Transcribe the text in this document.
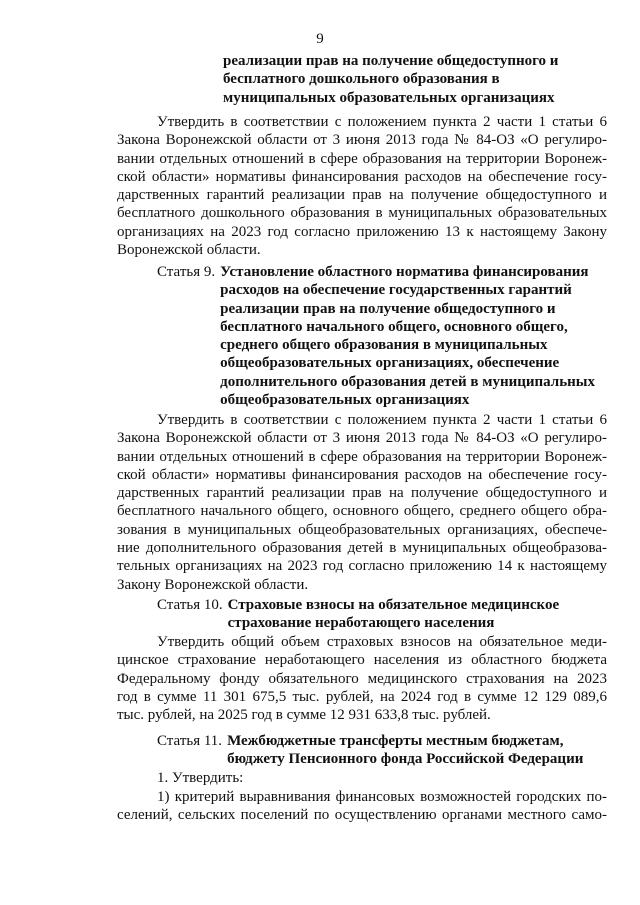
9
реализации прав на получение общедоступного и
бесплатного дошкольного образования в
муниципальных образовательных организациях
Утвердить в соответствии с положением пункта 2 части 1 статьи 6
Закона Воронежской области от 3 июня 2013 года № 84-ОЗ «О регулиро-
вании отдельных отношений в сфере образования на территории Воронеж-
ской области» нормативы финансирования расходов на обеспечение госу-
дарственных гарантий реализации прав на получение общедоступного и
бесплатного дошкольного образования в муниципальных образовательных
организациях на 2023 год согласно приложению 13 к настоящему Закону
Воронежской области.
Статья 9. Установление областного норматива финансирования
расходов на обеспечение государственных гарантий
реализации прав на получение общедоступного и
бесплатного начального общего, основного общего,
среднего общего образования в муниципальных
общеобразовательных организациях, обеспечение
дополнительного образования детей в муниципальных
общеобразовательных организациях
Утвердить в соответствии с положением пункта 2 части 1 статьи 6
Закона Воронежской области от 3 июня 2013 года № 84-ОЗ «О регулиро-
вании отдельных отношений в сфере образования на территории Воронеж-
ской области» нормативы финансирования расходов на обеспечение госу-
дарственных гарантий реализации прав на получение общедоступного и
бесплатного начального общего, основного общего, среднего общего обра-
зования в муниципальных общеобразовательных организациях, обеспече-
ние дополнительного образования детей в муниципальных общеобразова-
тельных организациях на 2023 год согласно приложению 14 к настоящему
Закону Воронежской области.
Статья 10. Страховые взносы на обязательное медицинское
страхование неработающего населения
Утвердить общий объем страховых взносов на обязательное меди-
цинское страхование неработающего населения из областного бюджета
Федеральному фонду обязательного медицинского страхования на 2023
год в сумме 11 301 675,5 тыс. рублей, на 2024 год в сумме 12 129 089,6
тыс. рублей, на 2025 год в сумме 12 931 633,8 тыс. рублей.
Статья 11. Межбюджетные трансферты местным бюджетам,
бюджету Пенсионного фонда Российской Федерации
1. Утвердить:
1) критерий выравнивания финансовых возможностей городских по-
селений, сельских поселений по осуществлению органами местного само-
